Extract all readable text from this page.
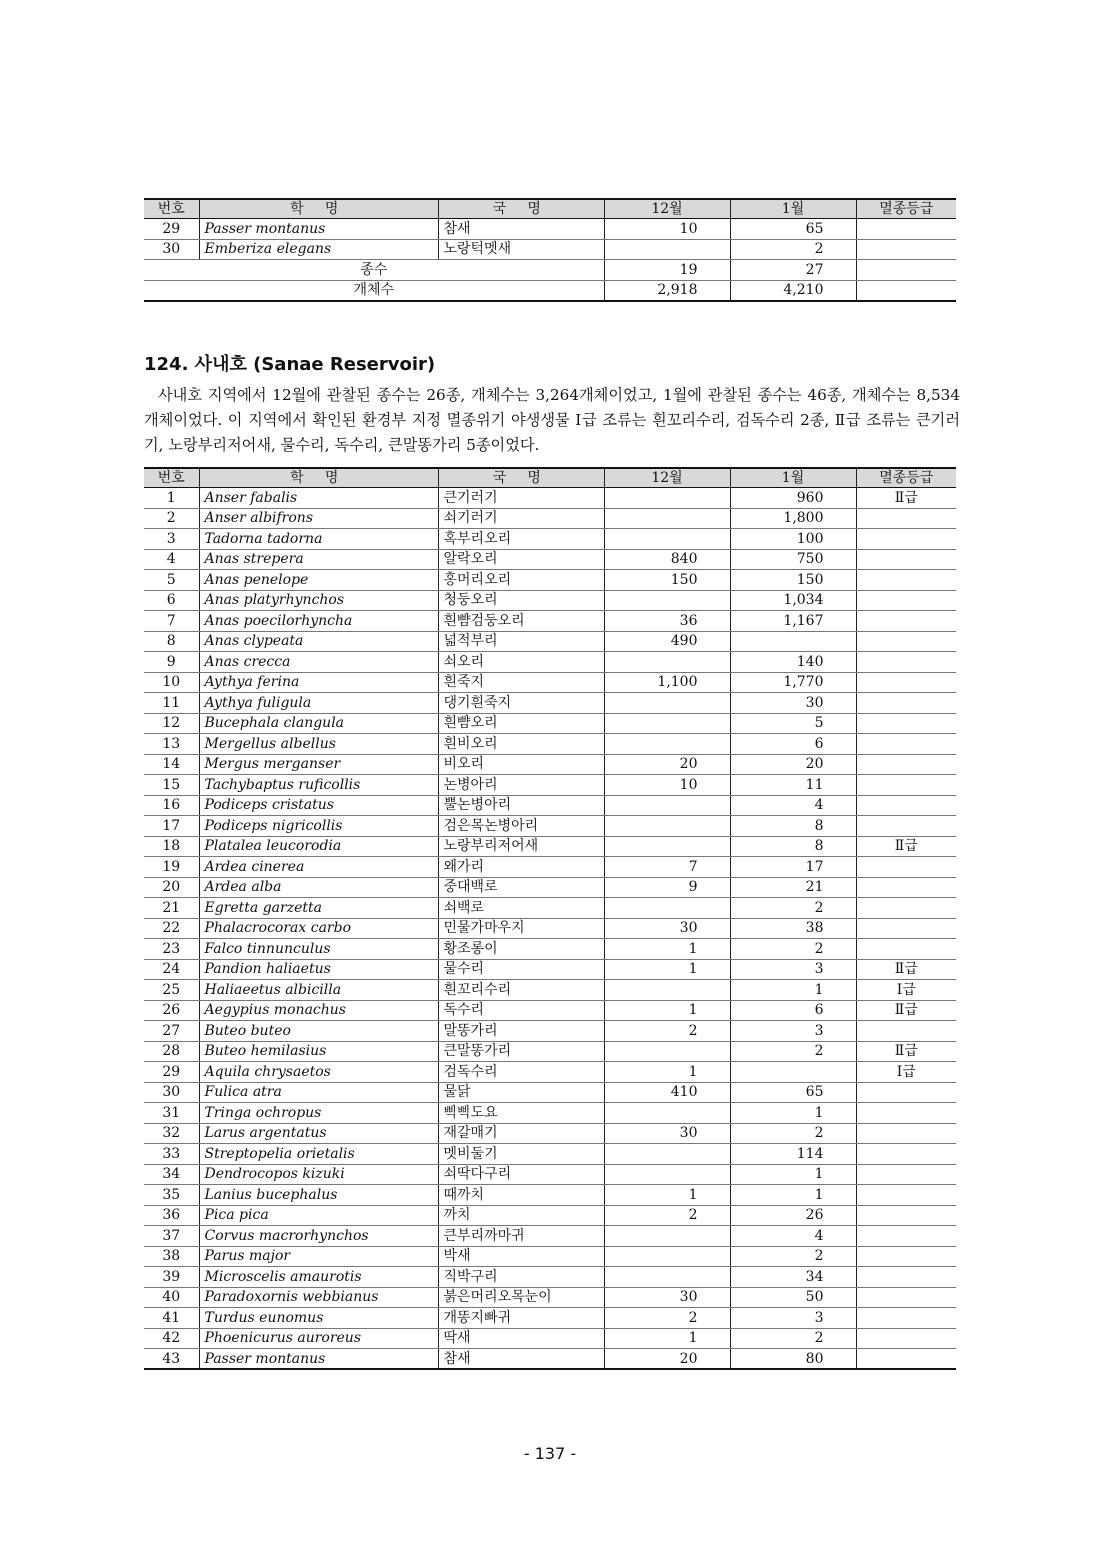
번호	학 명	국 명	12월	1월	멸종등급
29	Passer montanus	참새	10	65	
30	Emberiza elegans	노랑턱멧새		2	
종수			19	27	
개체수			2,918	4,210	
124. 사내호 (Sanae Reservoir)

사내호 지역에서 12월에 관찰된 종수는 26종, 개체수는 3,264개체이었고, 1월에 관찰된 종수는 46종, 개체수는 8,534개체이었다. 이 지역에서 확인된 환경부 지정 멸종위기 야생생물 Ⅰ급 조류는 흰꼬리수리, 검독수리 2종, Ⅱ급 조류는 큰기러기, 노랑부리저어새, 물수리, 독수리, 큰말똥가리 5종이었다.

번호	학 명	국 명	12월	1월	멸종등급
1	Anser fabalis	큰기러기		960	Ⅱ급
2	Anser albifrons	쇠기러기		1,800	
3	Tadorna tadorna	혹부리오리		100	
4	Anas strepera	알락오리	840	750	
5	Anas penelope	홍머리오리	150	150	
6	Anas platyrhynchos	청둥오리		1,034	
7	Anas poecilorhyncha	흰뺨검둥오리	36	1,167	
8	Anas clypeata	넓적부리	490		
9	Anas crecca	쇠오리		140	
10	Aythya ferina	흰죽지	1,100	1,770	
11	Aythya fuligula	댕기흰죽지		30	
12	Bucephala clangula	흰뺨오리		5	
13	Mergellus albellus	흰비오리		6	
14	Mergus merganser	비오리	20	20	
15	Tachybaptus ruficollis	논병아리	10	11	
16	Podiceps cristatus	뿔논병아리		4	
17	Podiceps nigricollis	검은목논병아리		8	
18	Platalea leucorodia	노랑부리저어새		8	Ⅱ급
19	Ardea cinerea	왜가리	7	17	
20	Ardea alba	중대백로	9	21	
21	Egretta garzetta	쇠백로		2	
22	Phalacrocorax carbo	민물가마우지	30	38	
23	Falco tinnunculus	황조롱이	1	2	
24	Pandion haliaetus	물수리	1	3	Ⅱ급
25	Haliaeetus albicilla	흰꼬리수리		1	Ⅰ급
26	Aegypius monachus	독수리	1	6	Ⅱ급
27	Buteo buteo	말똥가리	2	3	
28	Buteo hemilasius	큰말똥가리		2	Ⅱ급
29	Aquila chrysaetos	검독수리	1		Ⅰ급
30	Fulica atra	물닭	410	65	
31	Tringa ochropus	삑삑도요		1	
32	Larus argentatus	재갈매기	30	2	
33	Streptopelia orietalis	멧비둘기		114	
34	Dendrocopos kizuki	쇠딱다구리		1	
35	Lanius bucephalus	때까치	1	1	
36	Pica pica	까치	2	26	
37	Corvus macrorhynchos	큰부리까마귀		4	
38	Parus major	박새		2	
39	Microscelis amaurotis	직박구리		34	
40	Paradoxornis webbianus	붉은머리오목눈이	30	50	
41	Turdus eunomus	개똥지빠귀	2	3	
42	Phoenicurus auroreus	딱새	1	2	
43	Passer montanus	참새	20	80	

- 137 -
